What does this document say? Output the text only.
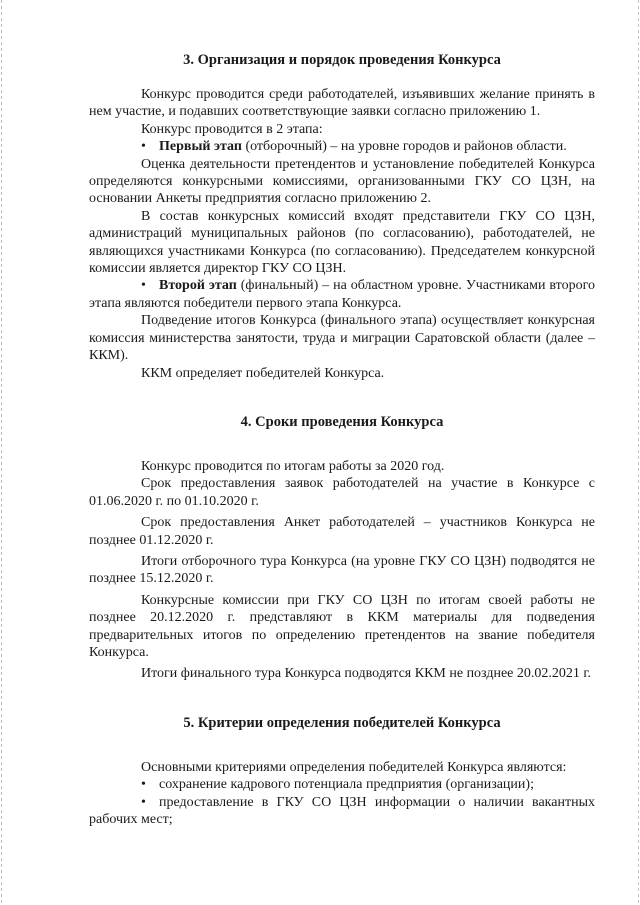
3. Организация и порядок проведения Конкурса

Конкурс проводится среди работодателей, изъявивших желание принять в нем участие, и подавших соответствующие заявки согласно приложению 1.

Конкурс проводится в 2 этапа:

• Первый этап (отборочный) – на уровне городов и районов области.

Оценка деятельности претендентов и установление победителей Конкурса определяются конкурсными комиссиями, организованными ГКУ СО ЦЗН, на основании Анкеты предприятия согласно приложению 2.

В состав конкурсных комиссий входят представители ГКУ СО ЦЗН, администраций муниципальных районов (по согласованию), работодателей, не являющихся участниками Конкурса (по согласованию). Председателем конкурсной комиссии является директор ГКУ СО ЦЗН.

• Второй этап (финальный) – на областном уровне. Участниками второго этапа являются победители первого этапа Конкурса.

Подведение итогов Конкурса (финального этапа) осуществляет конкурсная комиссия министерства занятости, труда и миграции Саратовской области (далее – ККМ).

ККМ определяет победителей Конкурса.

4. Сроки проведения Конкурса

Конкурс проводится по итогам работы за 2020 год.

Срок предоставления заявок работодателей на участие в Конкурсе с 01.06.2020 г. по 01.10.2020 г.

Срок предоставления Анкет работодателей – участников Конкурса не позднее 01.12.2020 г.

Итоги отборочного тура Конкурса (на уровне ГКУ СО ЦЗН) подводятся не позднее 15.12.2020 г.

Конкурсные комиссии при ГКУ СО ЦЗН по итогам своей работы не позднее 20.12.2020 г. представляют в ККМ материалы для подведения предварительных итогов по определению претендентов на звание победителя Конкурса.

Итоги финального тура Конкурса подводятся ККМ не позднее 20.02.2021 г.

5. Критерии определения победителей Конкурса

Основными критериями определения победителей Конкурса являются:

• сохранение кадрового потенциала предприятия (организации);

• предоставление в ГКУ СО ЦЗН информации о наличии вакантных рабочих мест;
